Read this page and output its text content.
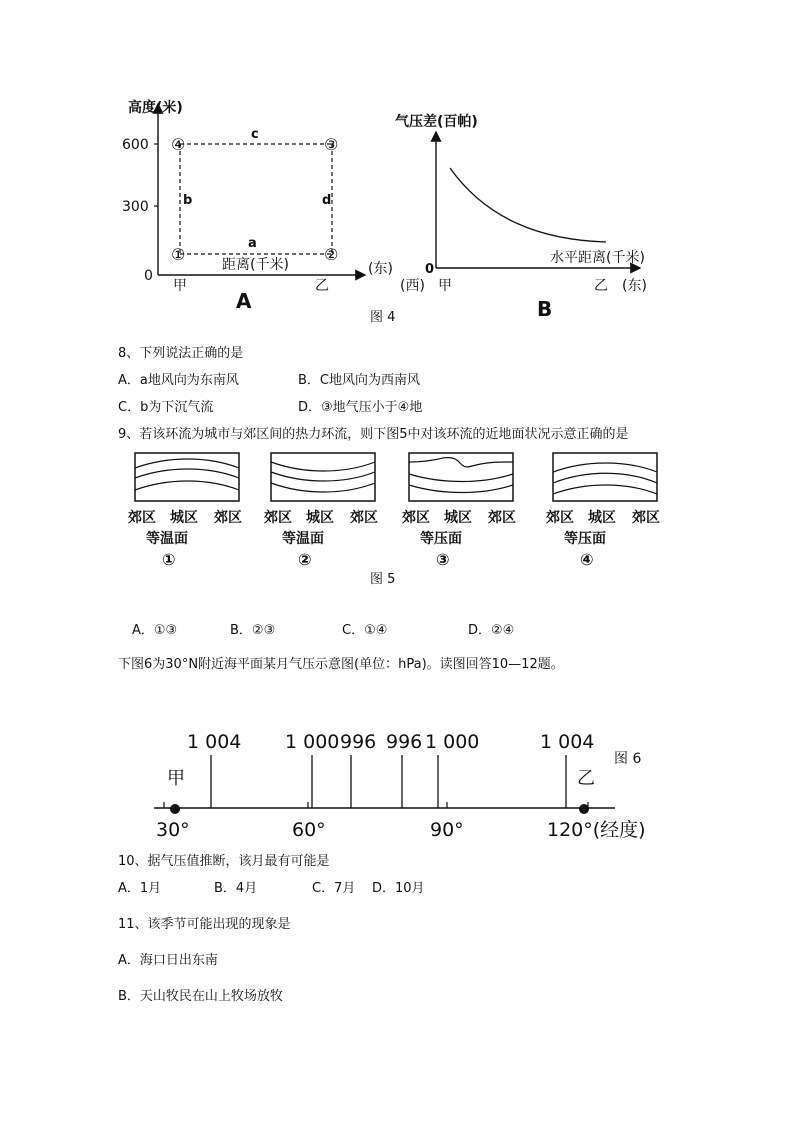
高度(米)
600
300
0
④	③
①	②
c
b	d
a
距离(千米)	(东)
甲	乙
A
气压差(百帕)
水平距离(千米)
0
(西) 甲	乙 (东)
B
图 4
8、下列说法正确的是
A．a地风向为东南风	B．C地风向为西南风
C．b为下沉气流	D．③地气压小于④地
9、若该环流为城市与郊区间的热力环流，则下图5中对该环流的近地面状况示意正确的是
郊区 城区 郊区
等温面
①
郊区 城区 郊区
等温面
②
郊区 城区 郊区
等压面
③
郊区 城区 郊区
等压面
④
图 5
A．①③	B．②③	C．①④	D．②④
下图6为30°N附近海平面某月气压示意图(单位：hPa)。读图回答10—12题。
1 004 1 000 996 996 1 000	1 004
甲	乙
图 6
30°	60°	90°	120°(经度)
10、据气压值推断，该月最有可能是
A．1月	B．4月	C．7月 D．10月
11、该季节可能出现的现象是
A．海口日出东南
B．天山牧民在山上牧场放牧
